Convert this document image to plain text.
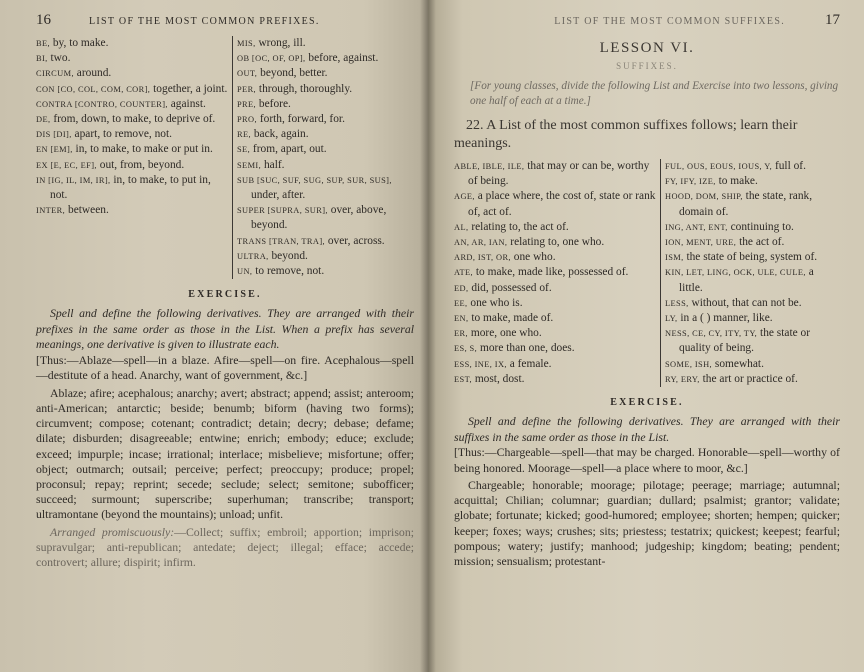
16	LIST OF THE MOST COMMON PREFIXES.

BE, by, to make.

BI, two.

CIRCUM, around.

CON [CO, COL, COM, COR], together, a joint.

CONTRA [CONTRO, COUNTER], against.

DE, from, down, to make, to deprive of.

DIS [DI], apart, to remove, not.

EN [EM], in, to make, to make or put in.

EX [E, EC, EF], out, from, beyond.

IN [IG, IL, IM, IR], in, to make, to put in, not.

INTER, between.

MIS, wrong, ill.

OB [OC, OF, OP], before, against.

OUT, beyond, better.

PER, through, thoroughly.

PRE, before.

PRO, forth, forward, for.

RE, back, again.

SE, from, apart, out.

SEMI, half.

SUB [SUC, SUF, SUG, SUP, SUR, SUS], under, after.

SUPER [SUPRA, SUR], over, above, beyond.

TRANS [TRAN, TRA], over, across.

ULTRA, beyond.

UN, to remove, not.

EXERCISE.

Spell and define the following derivatives. They are arranged with their prefixes in the same order as those in the List. When a prefix has several meanings, one derivative is given to illustrate each.

[Thus:—Ablaze—spell—in a blaze. Afire—spell—on fire. Acephalous—spell—destitute of a head. Anarchy, want of government, &c.]

Ablaze; afire; acephalous; anarchy; avert; abstract; append; assist; anteroom; anti-American; antarctic; beside; benumb; biform (having two forms); circumvent; compose; cotenant; contradict; detain; decry; debase; defame; dilate; disburden; disagreeable; entwine; enrich; embody; educe; exclude; exceed; impurple; incase; irrational; interlace; misbelieve; misfortune; offer; object; outmarch; outsail; perceive; perfect; preoccupy; produce; propel; proconsul; repay; reprint; secede; seclude; select; semitone; subofficer; succeed; surmount; superscribe; superhuman; transcribe; transport; ultramontane (beyond the mountains); unload; unfit.

Arranged promiscuously:—Collect; suffix; embroil; apportion; imprison; supravulgar; anti-republican; antedate; deject; illegal; efface; accede; controvert; allure; dispirit; infirm.

LIST OF THE MOST COMMON SUFFIXES.	17
LESSON VI.
SUFFIXES.

[For young classes, divide the following List and Exercise into two lessons, giving one half of each at a time.]

22. A List of the most common suffixes follows; learn their meanings.

ABLE, IBLE, ILE, that may or can be, worthy of being.

AGE, a place where, the cost of, state or rank of, act of.

AL, relating to, the act of.

AN, AR, IAN, relating to, one who.

ARD, IST, OR, one who.

ATE, to make, made like, possessed of.

ED, did, possessed of.

EE, one who is.

EN, to make, made of.

ER, more, one who.

ES, S, more than one, does.

ESS, INE, IX, a female.

EST, most, dost.

FUL, OUS, EOUS, IOUS, Y, full of.

FY, IFY, IZE, to make.

HOOD, DOM, SHIP, the state, rank, domain of.

ING, ANT, ENT, continuing to.

ION, MENT, URE, the act of.

ISM, the state of being, system of.

KIN, LET, LING, OCK, ULE, CULE, a little.

LESS, without, that can not be.

LY, in a ( ) manner, like.

NESS, CE, CY, ITY, TY, the state or quality of being.

SOME, ISH, somewhat.

RY, ERY, the art or practice of.

EXERCISE.

Spell and define the following derivatives. They are arranged with their suffixes in the same order as those in the List.

[Thus:—Chargeable—spell—that may be charged. Honorable—spell—worthy of being honored. Moorage—spell—a place where to moor, &c.]

Chargeable; honorable; moorage; pilotage; peerage; marriage; autumnal; acquittal; Chilian; columnar; guardian; dullard; psalmist; grantor; validate; globate; fortunate; kicked; good-humored; employee; shorten; hempen; quicker; keeper; foxes; ways; crushes; sits; priestess; testatrix; quickest; keepest; fearful; pompous; watery; justify; manhood; judgeship; kingdom; beating; pendent; mission; sensualism; protestant-
